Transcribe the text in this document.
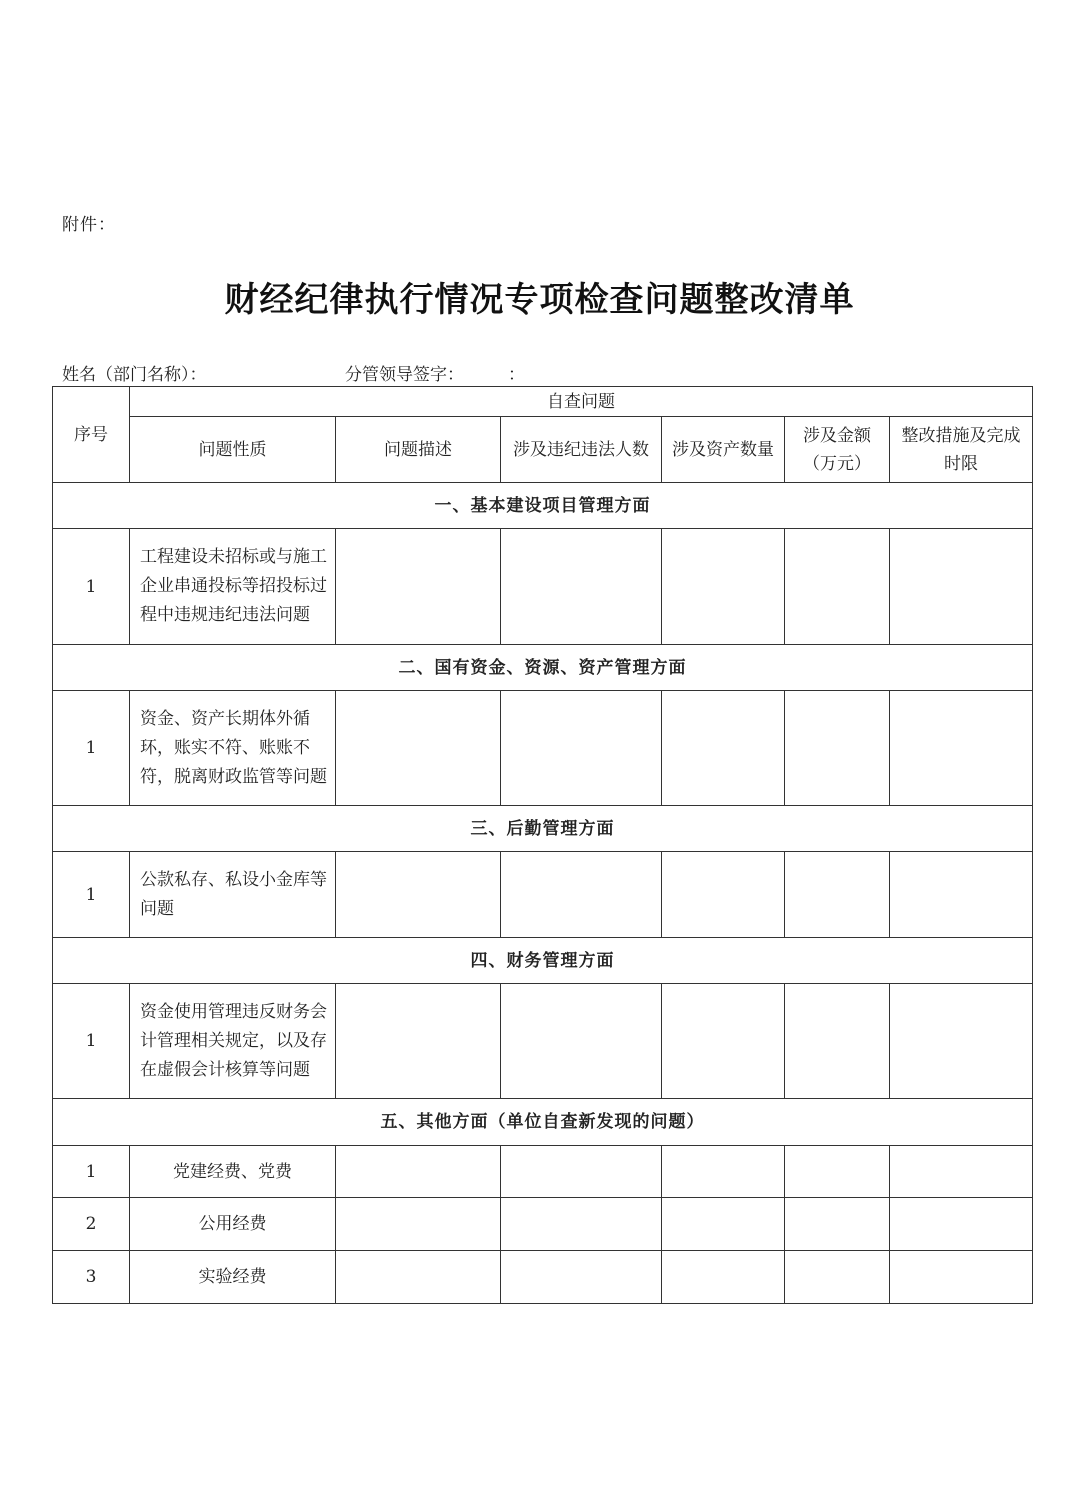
附件：
财经纪律执行情况专项检查问题整改清单
姓名（部门名称）：	分管领导签字：	：
序号	自查问题					
	问题性质	问题描述	涉及违纪违法人数	涉及资产数量	涉及金额（万元）	整改措施及完成时限
一、基本建设项目管理方面						
1	工程建设未招标或与施工企业串通投标等招投标过程中违规违纪违法问题					
二、国有资金、资源、资产管理方面						
1	资金、资产长期体外循环，账实不符、账账不符，脱离财政监管等问题					
三、后勤管理方面						
1	公款私存、私设小金库等问题					
四、财务管理方面						
1	资金使用管理违反财务会计管理相关规定，以及存在虚假会计核算等问题					
五、其他方面（单位自查新发现的问题）						
1	党建经费、党费					
2	公用经费					
3	实验经费					
